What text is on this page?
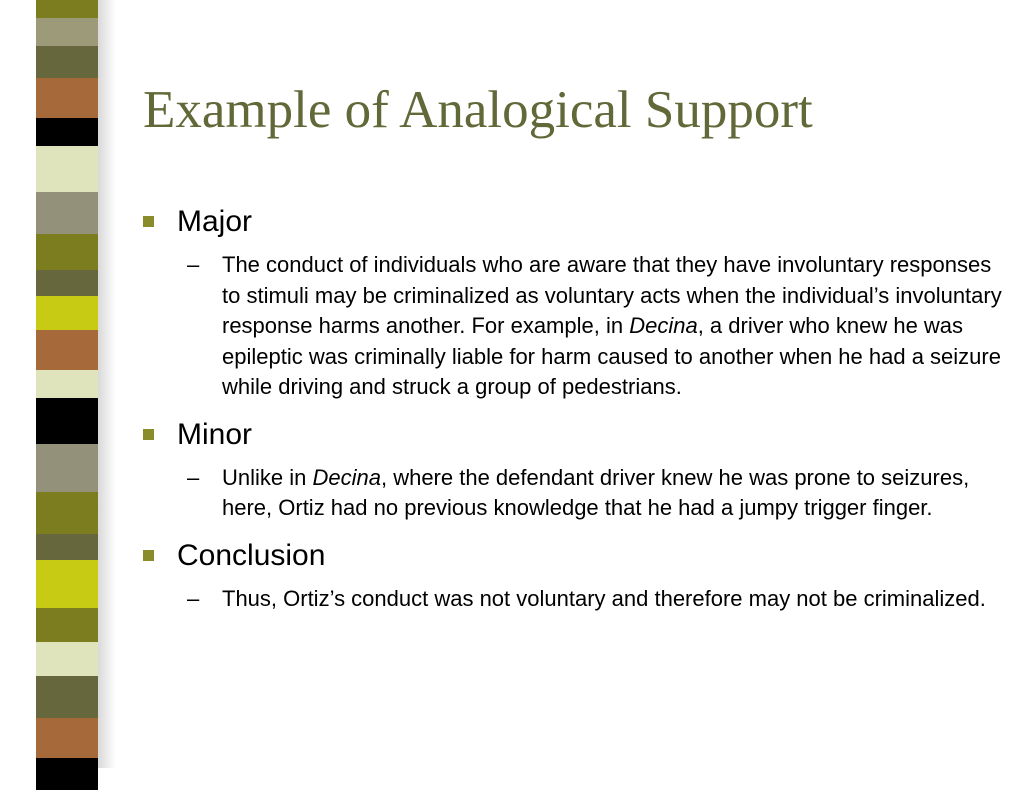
Example of Analogical Support
Major
–	The conduct of individuals who are aware that they have involuntary responses to stimuli may be criminalized as voluntary acts when the individual’s involuntary response harms another. For example, in Decina, a driver who knew he was epileptic was criminally liable for harm caused to another when he had a seizure while driving and struck a group of pedestrians.
Minor
–	Unlike in Decina, where the defendant driver knew he was prone to seizures, here, Ortiz had no previous knowledge that he had a jumpy trigger finger.
Conclusion
–	Thus, Ortiz’s conduct was not voluntary and therefore may not be criminalized.
